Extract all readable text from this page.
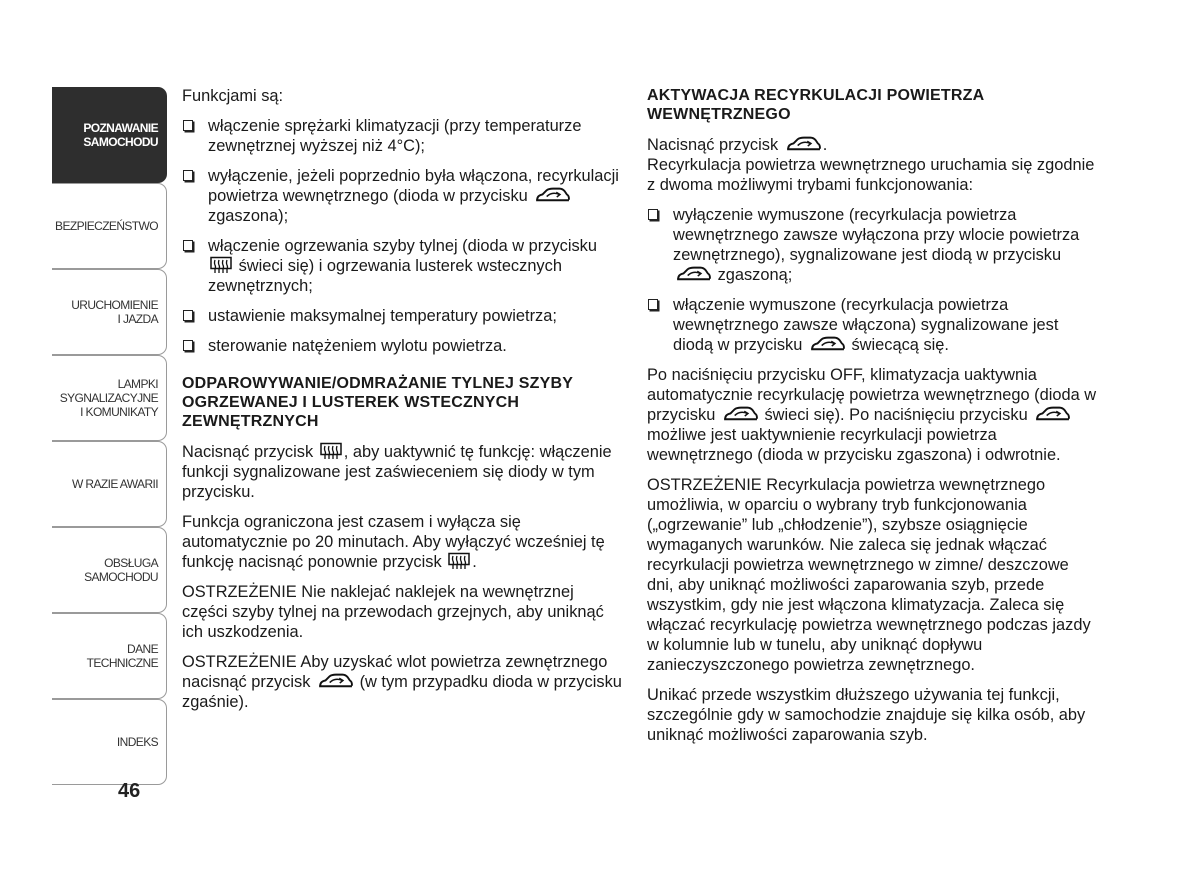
POZNAWANIE
SAMOCHODU
BEZPIECZEŃSTWO
URUCHOMIENIE
I JAZDA
LAMPKI
SYGNALIZACYJNE
I KOMUNIKATY
W RAZIE AWARII
OBSŁUGA
SAMOCHODU
DANE
TECHNICZNE
INDEKS
46

Funkcjami są:

włączenie sprężarki klimatyzacji (przy temperaturze zewnętrznej wyższej niż 4°C);
wyłączenie, jeżeli poprzednio była włączona, recyrkulacji powietrza wewnętrznego (dioda w przycisku  zgaszona);
włączenie ogrzewania szyby tylnej (dioda w przycisku  świeci się) i ogrzewania lusterek wstecznych zewnętrznych;
ustawienie maksymalnej temperatury powietrza;
sterowanie natężeniem wylotu powietrza.
ODPAROWYWANIE/ODMRAŻANIE TYLNEJ SZYBY OGRZEWANEJ I LUSTEREK WSTECZNYCH ZEWNĘTRZNYCH

Nacisnąć przycisk , aby uaktywnić tę funkcję: włączenie funkcji sygnalizowane jest zaświeceniem się diody w tym przycisku.

Funkcja ograniczona jest czasem i wyłącza się automatycznie po 20 minutach. Aby wyłączyć wcześniej tę funkcję nacisnąć ponownie przycisk .

OSTRZEŻENIE Nie naklejać naklejek na wewnętrznej części szyby tylnej na przewodach grzejnych, aby uniknąć ich uszkodzenia.

OSTRZEŻENIE Aby uzyskać wlot powietrza zewnętrznego nacisnąć przycisk	(w tym przypadku dioda w przycisku zgaśnie).

AKTYWACJA RECYRKULACJI POWIETRZA WEWNĘTRZNEGO

Nacisnąć przycisk	.
Recyrkulacja powietrza wewnętrznego uruchamia się zgodnie z dwoma możliwymi trybami funkcjonowania:

wyłączenie wymuszone (recyrkulacja powietrza wewnętrznego zawsze wyłączona przy wlocie powietrza zewnętrznego), sygnalizowane jest diodą w przycisku  zgaszoną;
włączenie wymuszone (recyrkulacja powietrza wewnętrznego zawsze włączona) sygnalizowane jest diodą w przycisku	świecącą się.

Po naciśnięciu przycisku OFF, klimatyzacja uaktywnia automatycznie recyrkulację powietrza wewnętrznego (dioda w przycisku	świeci się). Po naciśnięciu przycisku  możliwe jest uaktywnienie recyrkulacji powietrza wewnętrznego (dioda w przycisku zgaszona) i odwrotnie.

OSTRZEŻENIE Recyrkulacja powietrza wewnętrznego umożliwia, w oparciu o wybrany tryb funkcjonowania („ogrzewanie” lub „chłodzenie”), szybsze osiągnięcie wymaganych warunków. Nie zaleca się jednak włączać recyrkulacji powietrza wewnętrznego w zimne/ deszczowe dni, aby uniknąć możliwości zaparowania szyb, przede wszystkim, gdy nie jest włączona klimatyzacja. Zaleca się włączać recyrkulację powietrza wewnętrznego podczas jazdy w kolumnie lub w tunelu, aby uniknąć dopływu zanieczyszczonego powietrza zewnętrznego.

Unikać przede wszystkim dłuższego używania tej funkcji, szczególnie gdy w samochodzie znajduje się kilka osób, aby uniknąć możliwości zaparowania szyb.
